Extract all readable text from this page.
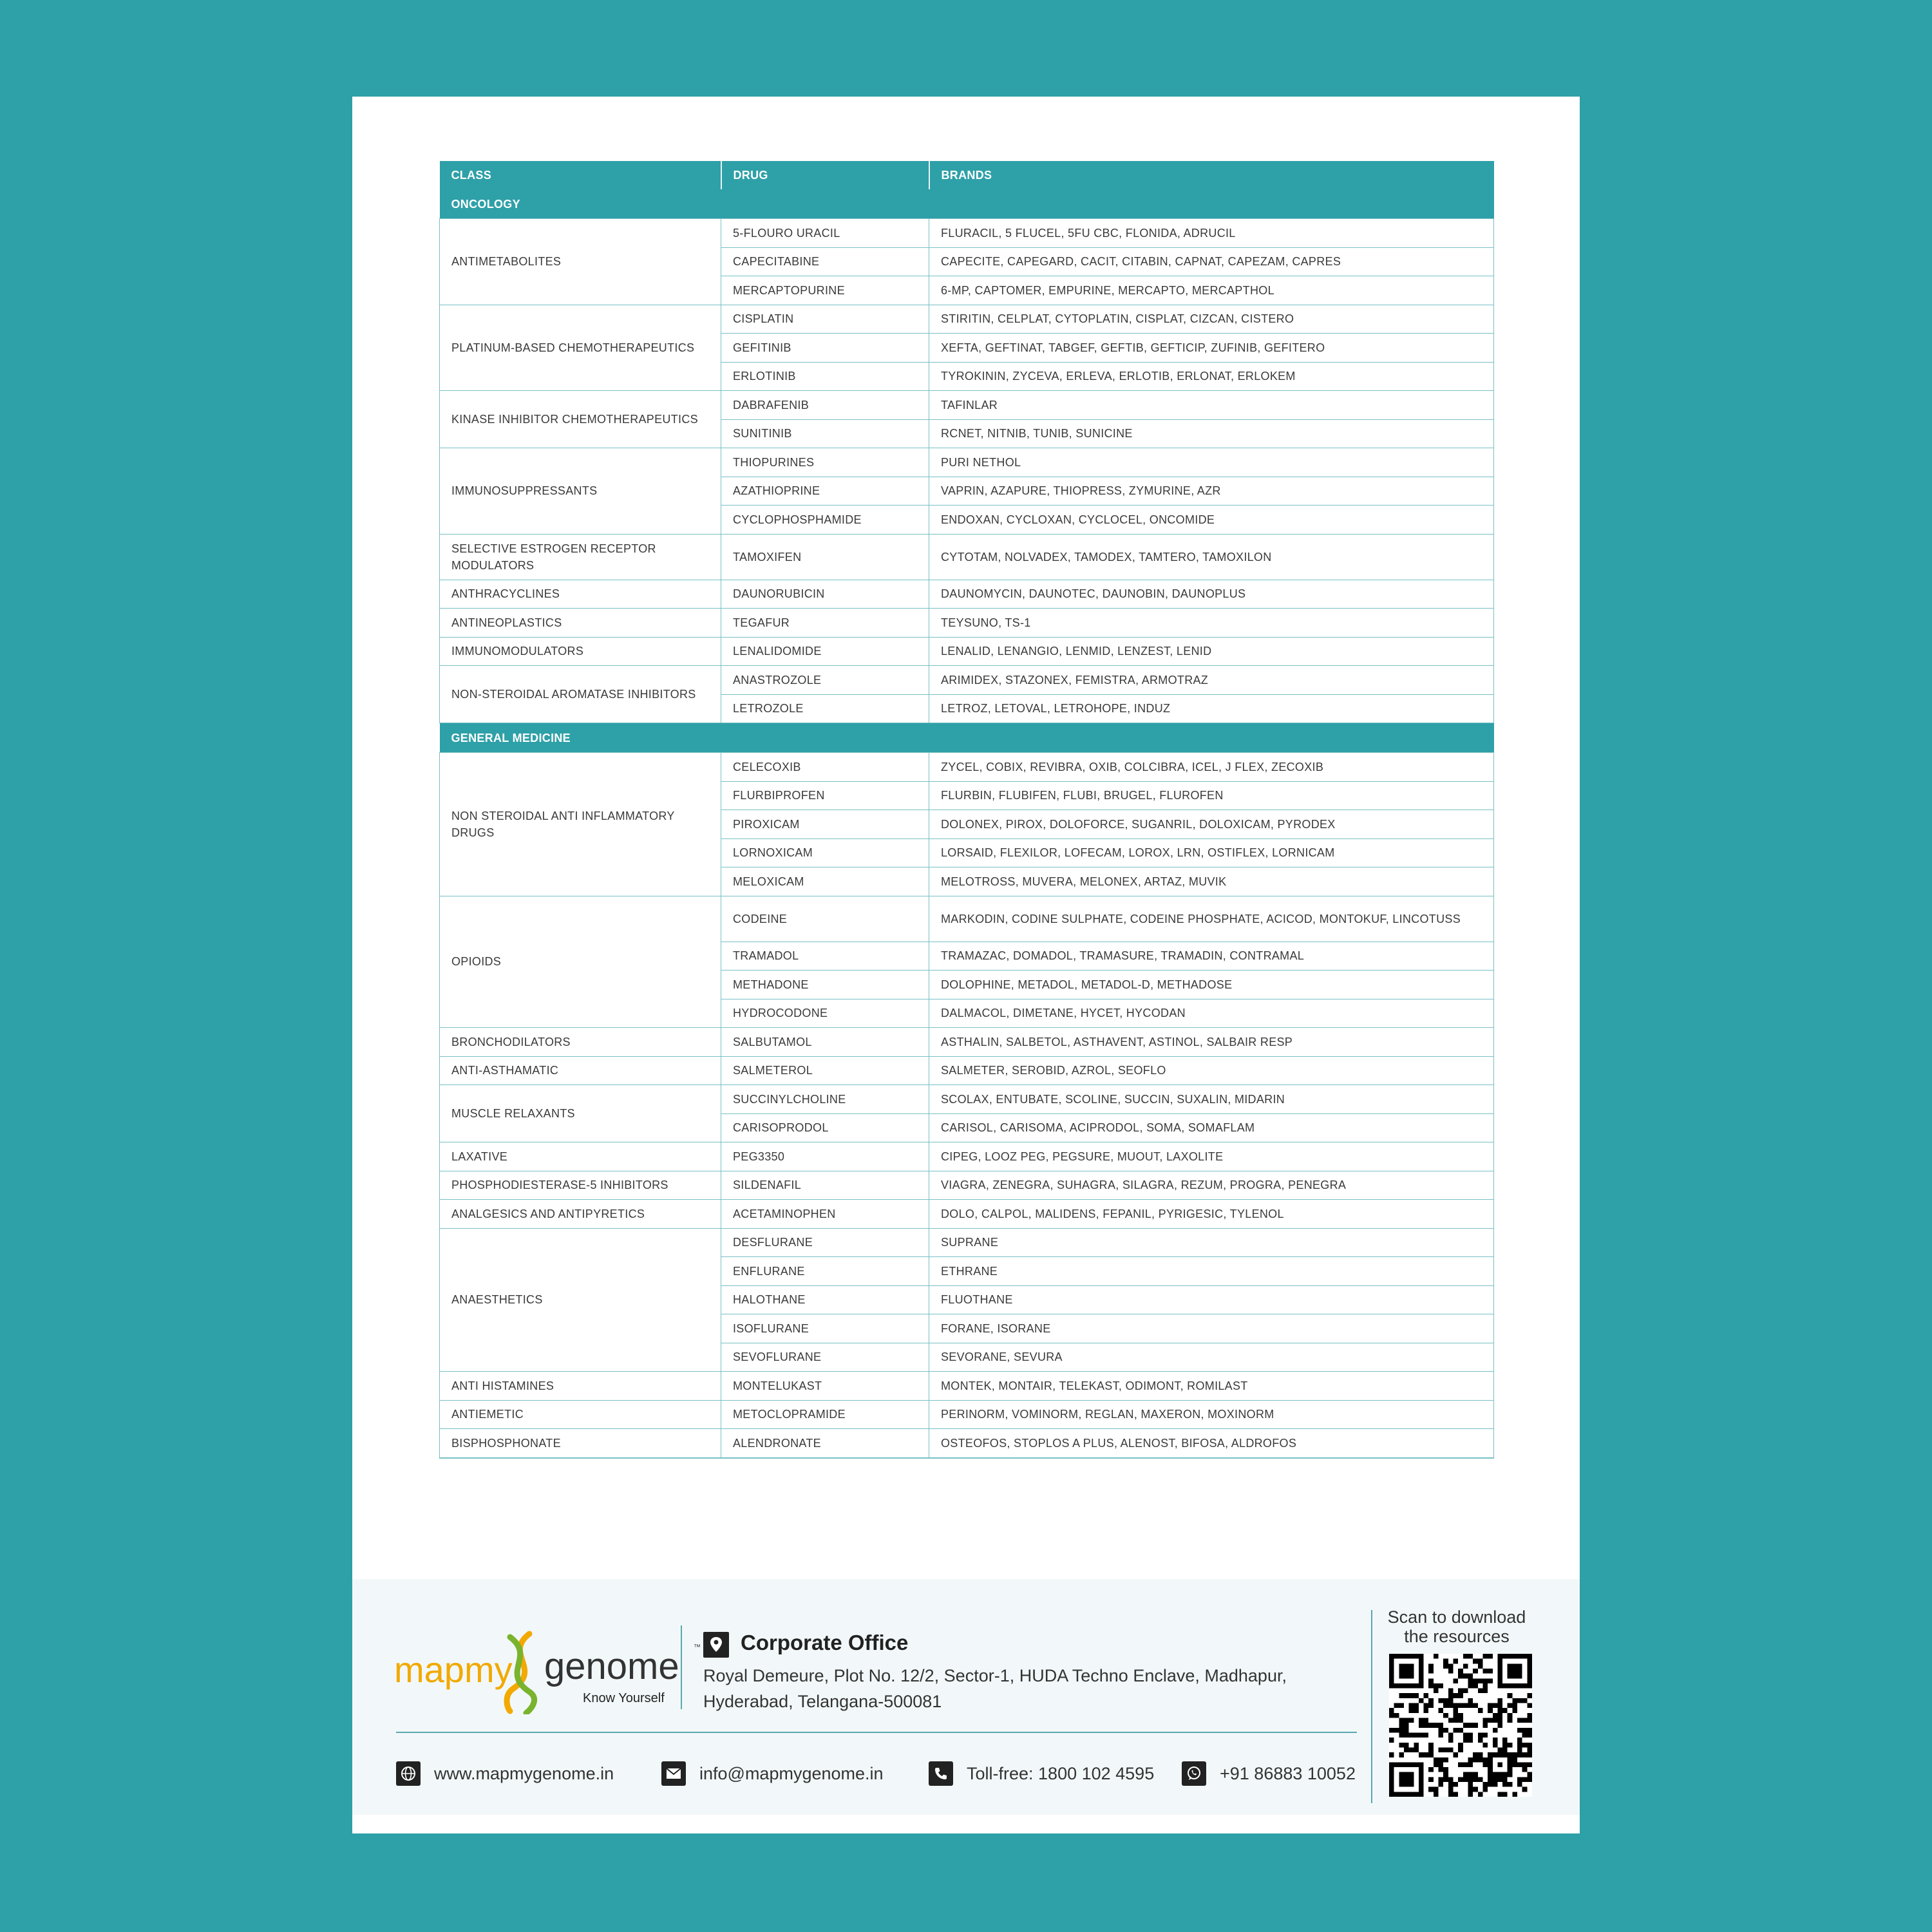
CLASS	DRUG	BRANDS
ONCOLOGY		
ANTIMETABOLITES	5-FLOURO URACIL	FLURACIL, 5 FLUCEL, 5FU CBC, FLONIDA, ADRUCIL
	CAPECITABINE	CAPECITE, CAPEGARD, CACIT, CITABIN, CAPNAT, CAPEZAM, CAPRES
	MERCAPTOPURINE	6-MP, CAPTOMER, EMPURINE, MERCAPTO, MERCAPTHOL
PLATINUM-BASED CHEMOTHERAPEUTICS	CISPLATIN	STIRITIN, CELPLAT, CYTOPLATIN, CISPLAT, CIZCAN, CISTERO
	GEFITINIB	XEFTA, GEFTINAT, TABGEF, GEFTIB, GEFTICIP, ZUFINIB, GEFITERO
	ERLOTINIB	TYROKININ, ZYCEVA, ERLEVA, ERLOTIB, ERLONAT, ERLOKEM
KINASE INHIBITOR CHEMOTHERAPEUTICS	DABRAFENIB	TAFINLAR
	SUNITINIB	RCNET, NITNIB, TUNIB, SUNICINE
IMMUNOSUPPRESSANTS	THIOPURINES	PURI NETHOL
	AZATHIOPRINE	VAPRIN, AZAPURE, THIOPRESS, ZYMURINE, AZR
	CYCLOPHOSPHAMIDE	ENDOXAN, CYCLOXAN, CYCLOCEL, ONCOMIDE
SELECTIVE ESTROGEN RECEPTOR MODULATORS	TAMOXIFEN	CYTOTAM, NOLVADEX, TAMODEX, TAMTERO, TAMOXILON
ANTHRACYCLINES	DAUNORUBICIN	DAUNOMYCIN, DAUNOTEC, DAUNOBIN, DAUNOPLUS
ANTINEOPLASTICS	TEGAFUR	TEYSUNO, TS-1
IMMUNOMODULATORS	LENALIDOMIDE	LENALID, LENANGIO, LENMID, LENZEST, LENID
NON-STEROIDAL AROMATASE INHIBITORS	ANASTROZOLE	ARIMIDEX, STAZONEX, FEMISTRA, ARMOTRAZ
	LETROZOLE	LETROZ, LETOVAL, LETROHOPE, INDUZ
GENERAL MEDICINE		
NON STEROIDAL ANTI INFLAMMATORY DRUGS	CELECOXIB	ZYCEL, COBIX, REVIBRA, OXIB, COLCIBRA, ICEL, J FLEX, ZECOXIB
	FLURBIPROFEN	FLURBIN, FLUBIFEN, FLUBI, BRUGEL, FLUROFEN
	PIROXICAM	DOLONEX, PIROX, DOLOFORCE, SUGANRIL, DOLOXICAM, PYRODEX
	LORNOXICAM	LORSAID, FLEXILOR, LOFECAM, LOROX, LRN, OSTIFLEX, LORNICAM
	MELOXICAM	MELOTROSS, MUVERA, MELONEX, ARTAZ, MUVIK
OPIOIDS	CODEINE	MARKODIN, CODINE SULPHATE, CODEINE PHOSPHATE, ACICOD, MONTOKUF, LINCOTUSS
	TRAMADOL	TRAMAZAC, DOMADOL, TRAMASURE, TRAMADIN, CONTRAMAL
	METHADONE	DOLOPHINE, METADOL, METADOL-D, METHADOSE
	HYDROCODONE	DALMACOL, DIMETANE, HYCET, HYCODAN
BRONCHODILATORS	SALBUTAMOL	ASTHALIN, SALBETOL, ASTHAVENT, ASTINOL, SALBAIR RESP
ANTI-ASTHAMATIC	SALMETEROL	SALMETER, SEROBID, AZROL, SEOFLO
MUSCLE RELAXANTS	SUCCINYLCHOLINE	SCOLAX, ENTUBATE, SCOLINE, SUCCIN, SUXALIN, MIDARIN
	CARISOPRODOL	CARISOL, CARISOMA, ACIPRODOL, SOMA, SOMAFLAM
LAXATIVE	PEG3350	CIPEG, LOOZ PEG, PEGSURE, MUOUT, LAXOLITE
PHOSPHODIESTERASE-5 INHIBITORS	SILDENAFIL	VIAGRA, ZENEGRA, SUHAGRA, SILAGRA, REZUM, PROGRA, PENEGRA
ANALGESICS AND ANTIPYRETICS	ACETAMINOPHEN	DOLO, CALPOL, MALIDENS, FEPANIL, PYRIGESIC, TYLENOL
ANAESTHETICS	DESFLURANE	SUPRANE
	ENFLURANE	ETHRANE
	HALOTHANE	FLUOTHANE
	ISOFLURANE	FORANE, ISORANE
	SEVOFLURANE	SEVORANE, SEVURA
ANTI HISTAMINES	MONTELUKAST	MONTEK, MONTAIR, TELEKAST, ODIMONT, ROMILAST
ANTIEMETIC	METOCLOPRAMIDE	PERINORM, VOMINORM, REGLAN, MAXERON, MOXINORM
BISPHOSPHONATE	ALENDRONATE	OSTEOFOS, STOPLOS A PLUS, ALENOST, BIFOSA, ALDROFOS
mapmy genome ™
Know Yourself
Corporate Office
Royal Demeure, Plot No. 12/2, Sector-1, HUDA Techno Enclave, Madhapur,
Hyderabad, Telangana-500081
www.mapmygenome.in	info@mapmygenome.in	Toll-free: 1800 102 4595	+91 86883 10052
Scan to download
the resources
